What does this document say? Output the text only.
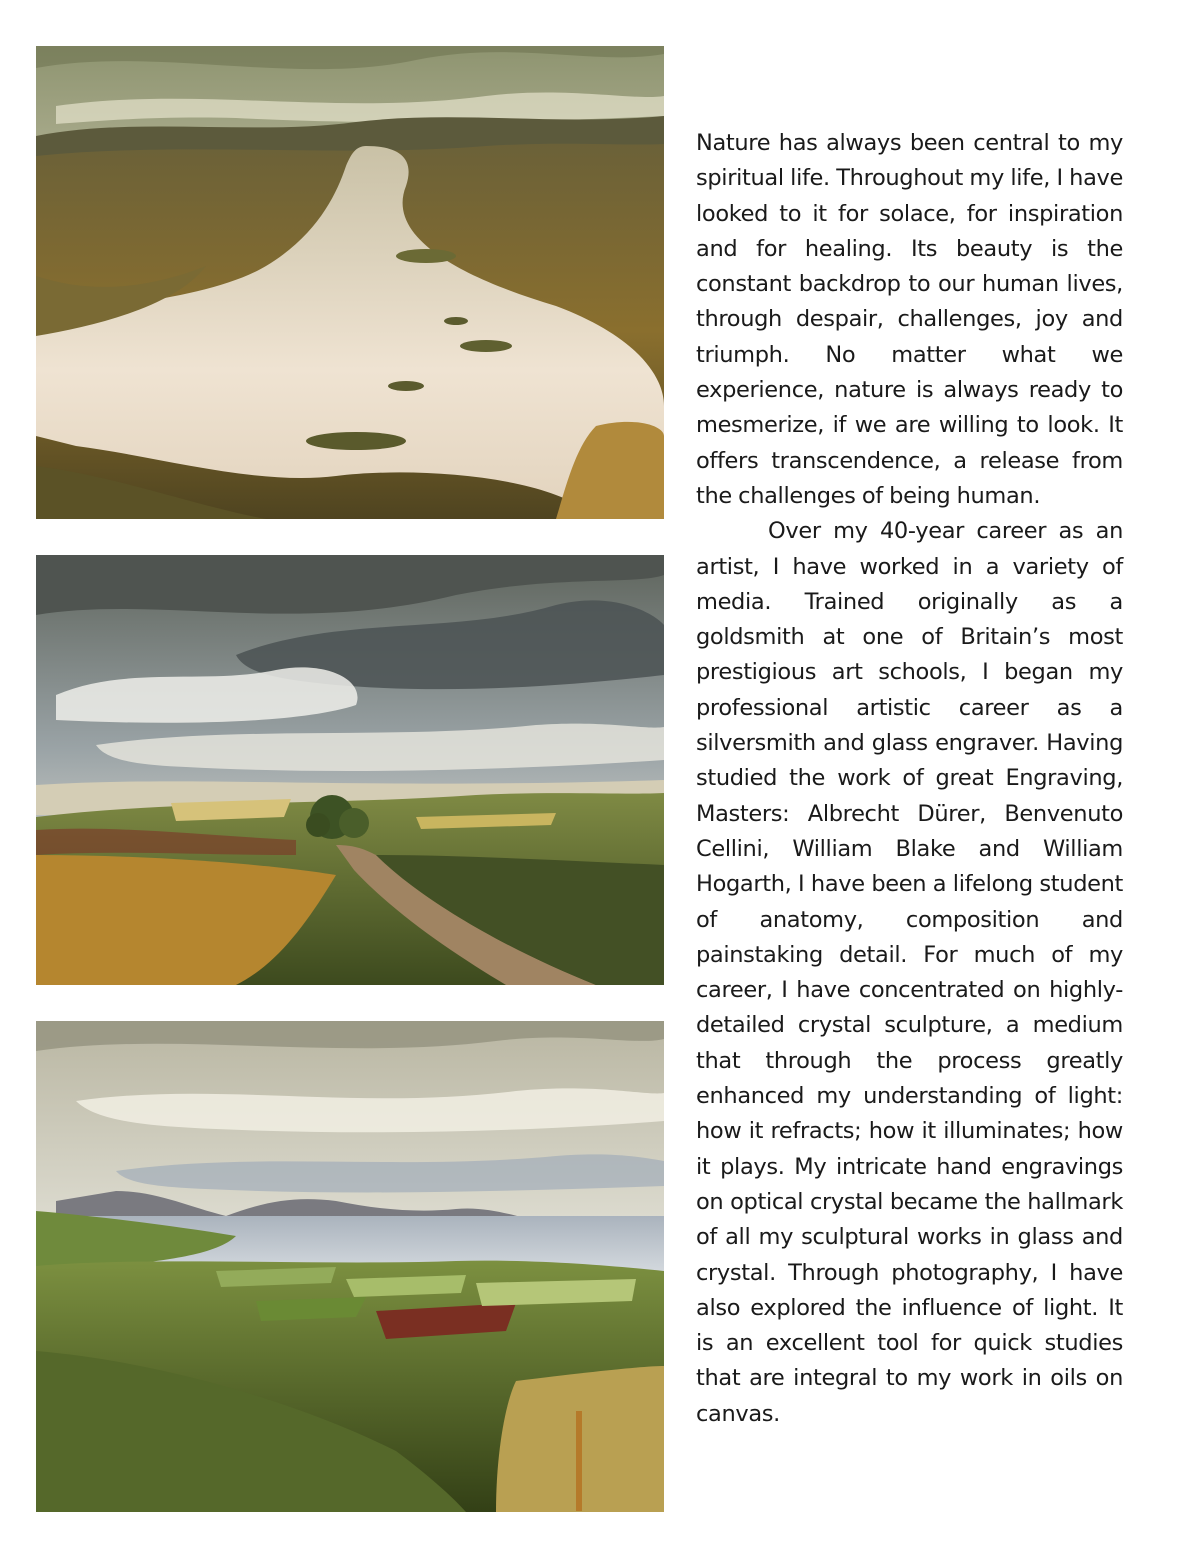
Nature has always been central to my spiritual life. Throughout my life, I have looked to it for solace, for inspiration and for healing. Its beauty is the constant backdrop to our human lives, through despair, challenges, joy and triumph. No matter what we experience, nature is always ready to mesmerize, if we are willing to look. It offers transcendence, a release from the challenges of being human.

Over my 40-year career as an artist, I have worked in a variety of media. Trained originally as a goldsmith at one of Britain’s most prestigious art schools, I began my professional artistic career as a silversmith and glass engraver. Having studied the work of great Engraving, Masters: Albrecht Dürer, Benvenuto Cellini, William Blake and William Hogarth, I have been a lifelong student of anatomy, composition and painstaking detail. For much of my career, I have concentrated on highly-detailed crystal sculpture, a medium that through the process greatly enhanced my understanding of light: how it refracts; how it illuminates; how it plays. My intricate hand engravings on optical crystal became the hallmark of all my sculptural works in glass and crystal. Through photography, I have also explored the influence of light. It is an excellent tool for quick studies that are integral to my work in oils on canvas.
